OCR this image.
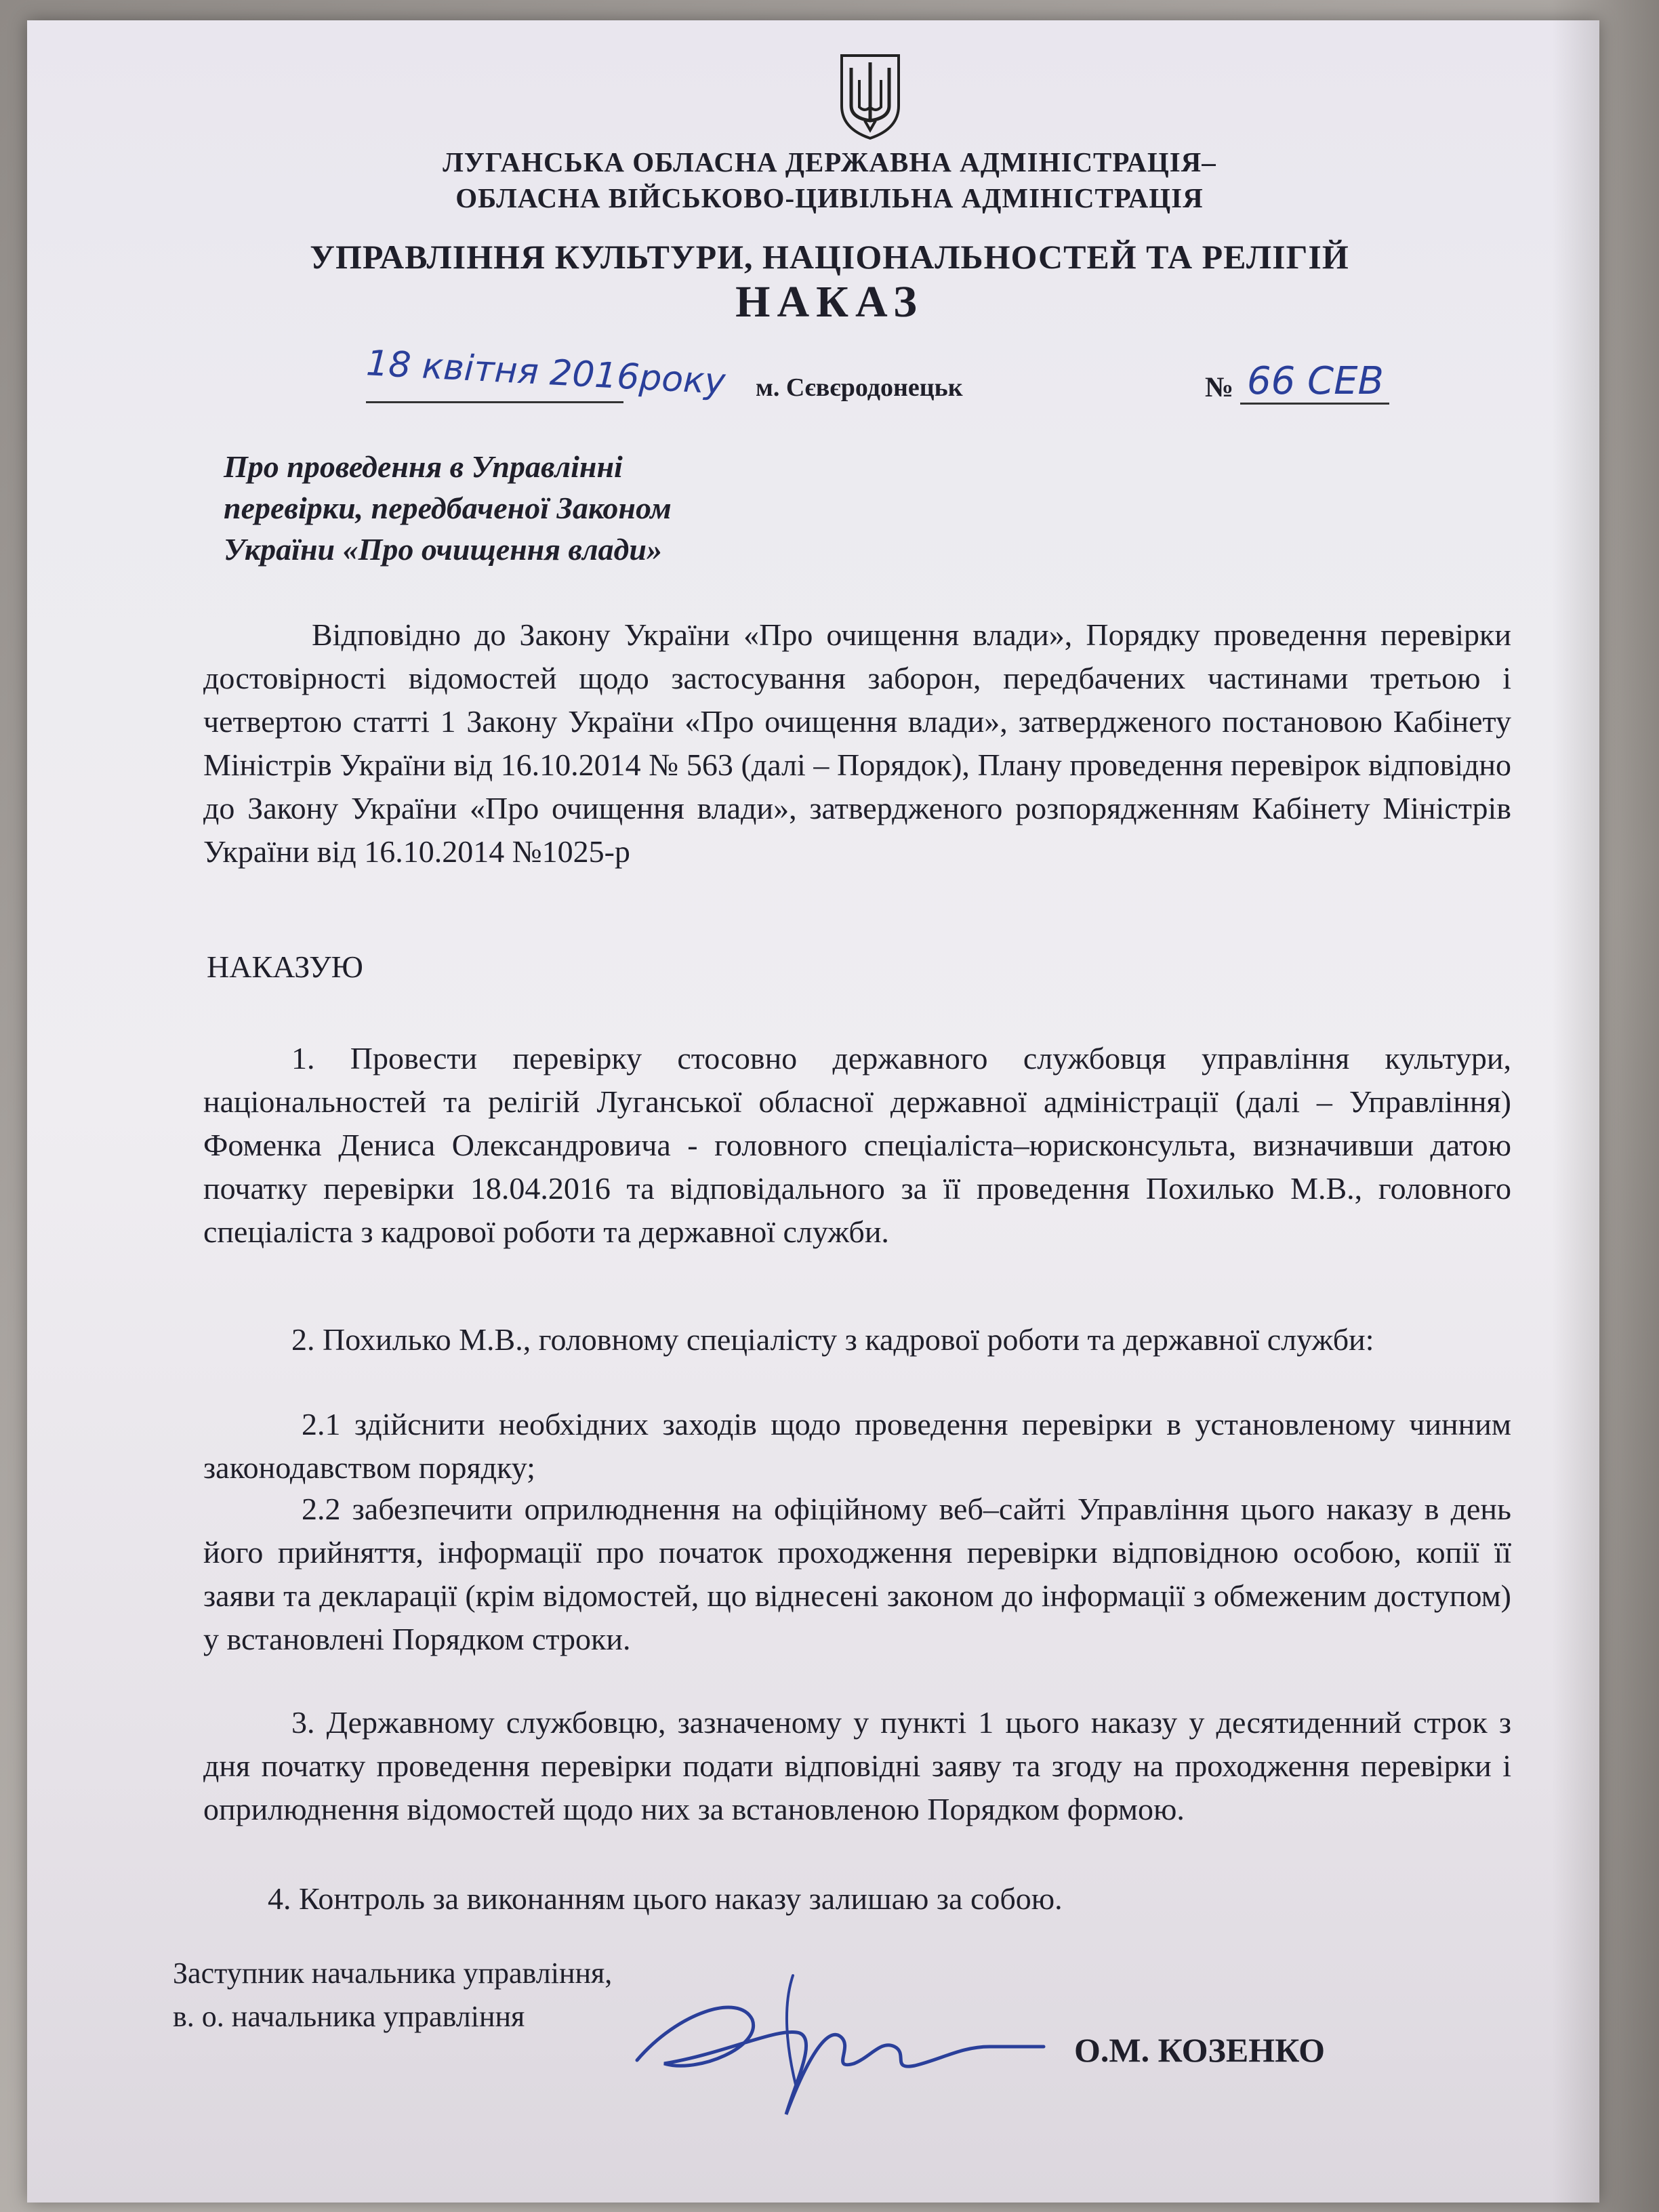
ЛУГАНСЬКА ОБЛАСНА ДЕРЖАВНА АДМІНІСТРАЦІЯ–
ОБЛАСНА ВІЙСЬКОВО-ЦИВІЛЬНА АДМІНІСТРАЦІЯ
УПРАВЛІННЯ КУЛЬТУРИ, НАЦІОНАЛЬНОСТЕЙ ТА РЕЛІГІЙ
НАКАЗ
18 квітня 2016року м. Сєвєродонецьк	№ 66 СЕВ
Про проведення в Управлінні
перевірки, передбаченої Законом
України «Про очищення влади»
Відповідно до Закону України «Про очищення влади», Порядку проведення перевірки достовірності відомостей щодо застосування заборон, передбачених частинами третьою і четвертою статті 1 Закону України «Про очищення влади», затвердженого постановою Кабінету Міністрів України від 16.10.2014 № 563 (далі – Порядок), Плану проведення перевірок відповідно до Закону України «Про очищення влади», затвердженого розпорядженням Кабінету Міністрів України від 16.10.2014 №1025-р
НАКАЗУЮ
1. Провести перевірку стосовно державного службовця управління культури, національностей та релігій Луганської обласної державної адміністрації (далі – Управління) Фоменка Дениса Олександровича - головного спеціаліста–юрисконсульта, визначивши датою початку перевірки 18.04.2016 та відповідального за її проведення Похилько М.В., головного спеціаліста з кадрової роботи та державної служби.
2. Похилько М.В., головному спеціалісту з кадрової роботи та державної служби:
2.1 здійснити необхідних заходів щодо проведення перевірки в установленому чинним законодавством порядку;
2.2 забезпечити оприлюднення на офіційному веб–сайті Управління цього наказу в день його прийняття, інформації про початок проходження перевірки відповідною особою, копії її заяви та декларації (крім відомостей, що віднесені законом до інформації з обмеженим доступом) у встановлені Порядком строки.
3. Державному службовцю, зазначеному у пункті 1 цього наказу у десятиденний строк з дня початку проведення перевірки подати відповідні заяву та згоду на проходження перевірки і оприлюднення відомостей щодо них за встановленою Порядком формою.
4. Контроль за виконанням цього наказу залишаю за собою.
Заступник начальника управління,
в. о. начальника управління
О.М. КОЗЕНКО
